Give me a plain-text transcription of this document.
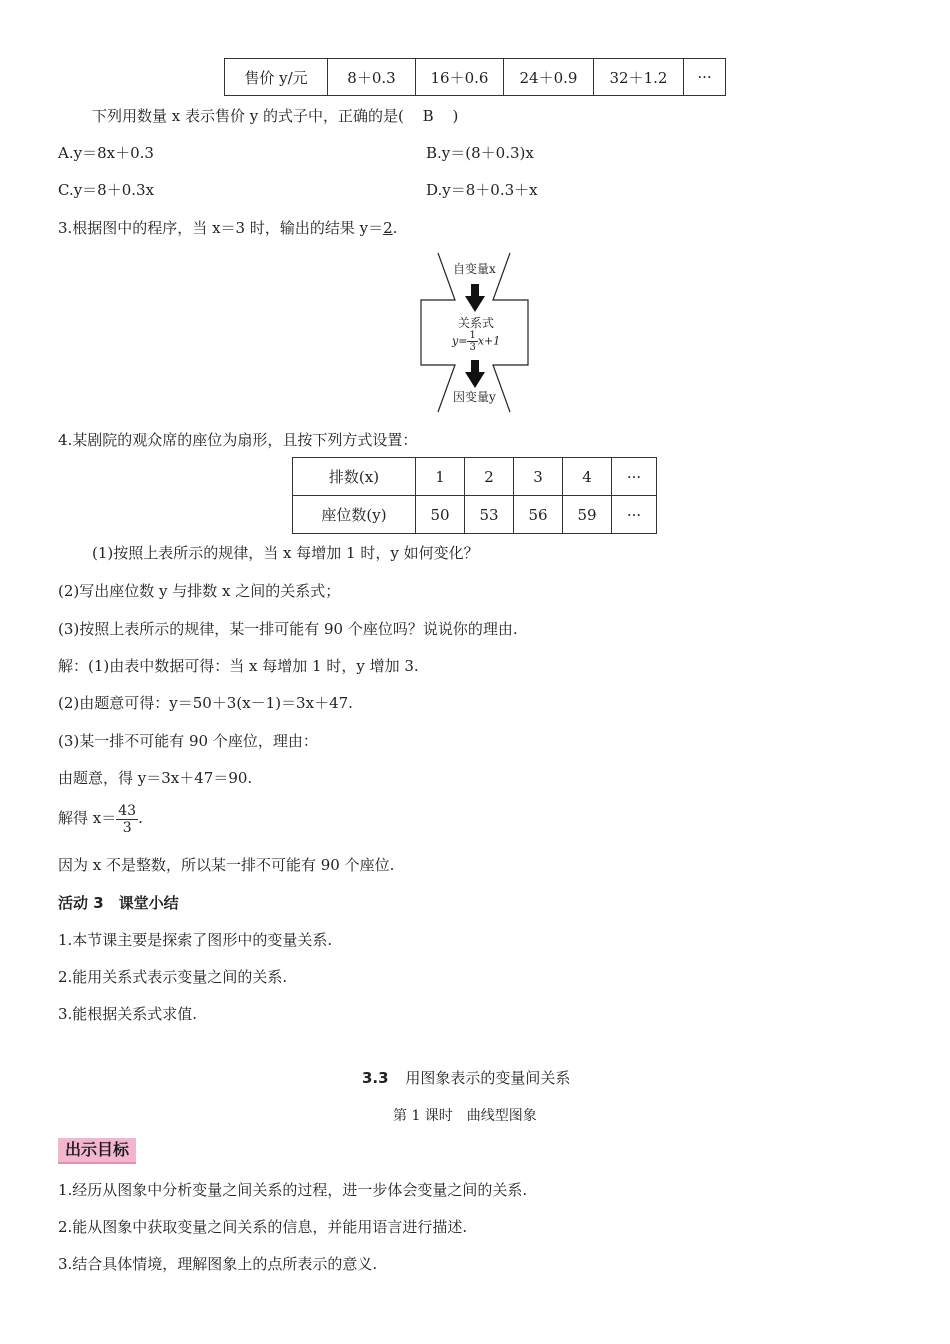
售价 y/元	8＋0.3	16＋0.6	24＋0.9	32＋1.2	···
下列用数量 x 表示售价 y 的式子中，正确的是( B )
A.y＝8x＋0.3	B.y＝(8＋0.3)x
C.y＝8＋0.3x	D.y＝8＋0.3＋x
3.根据图中的程序，当 x＝3 时，输出的结果 y＝2.
自变量x
关系式
$y= \frac{1}{3} x+1$
因变量y
4.某剧院的观众席的座位为扇形，且按下列方式设置：
排数(x)	1	2	3	4	···
座位数(y)	50	53	56	59	···
(1)按照上表所示的规律，当 x 每增加 1 时，y 如何变化？
(2)写出座位数 y 与排数 x 之间的关系式；
(3)按照上表所示的规律，某一排可能有 90 个座位吗？说说你的理由.
解：(1)由表中数据可得：当 x 每增加 1 时，y 增加 3.
(2)由题意可得：y＝50＋3(x－1)＝3x＋47.
(3)某一排不可能有 90 个座位，理由：
由题意，得 y＝3x＋47＝90.
解得 $x= \frac{43}{3}$ .
因为 x 不是整数，所以某一排不可能有 90 个座位.
活动 3　课堂小结
1.本节课主要是探索了图形中的变量关系.
2.能用关系式表示变量之间的关系.
3.能根据关系式求值.
3.3 用图象表示的变量间关系
第 1 课时　曲线型图象
出示目标
1.经历从图象中分析变量之间关系的过程，进一步体会变量之间的关系.
2.能从图象中获取变量之间关系的信息，并能用语言进行描述.
3.结合具体情境，理解图象上的点所表示的意义.
